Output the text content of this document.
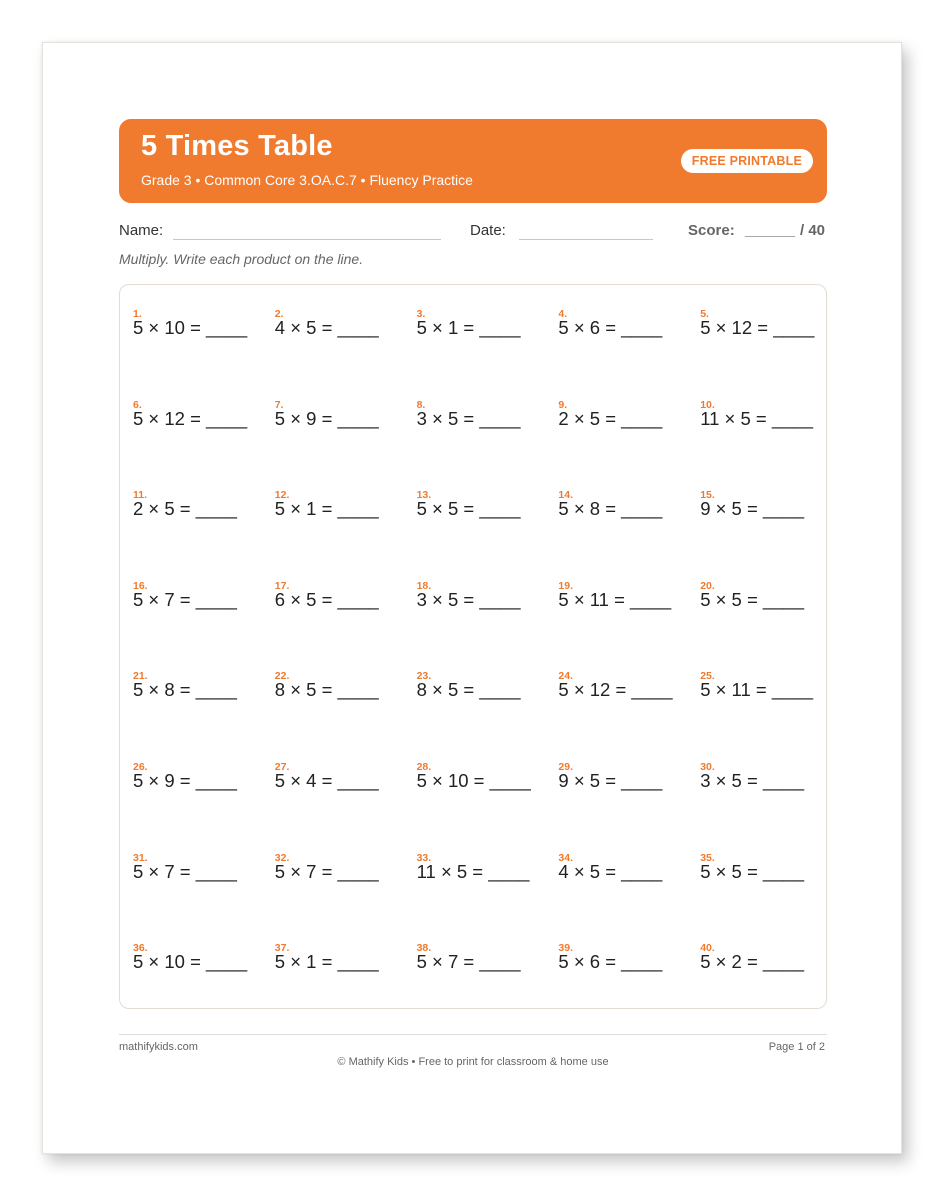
5 Times Table
Grade 3 • Common Core 3.OA.C.7 • Fluency Practice
FREE PRINTABLE
Name:	Date:	Score: ______ / 40
Multiply. Write each product on the line.
1.
5 × 10 = ____
2.
4 × 5 = ____
3.
5 × 1 = ____
4.
5 × 6 = ____
5.
5 × 12 = ____
6.
5 × 12 = ____
7.
5 × 9 = ____
8.
3 × 5 = ____
9.
2 × 5 = ____
10.
11 × 5 = ____
11.
2 × 5 = ____
12.
5 × 1 = ____
13.
5 × 5 = ____
14.
5 × 8 = ____
15.
9 × 5 = ____
16.
5 × 7 = ____
17.
6 × 5 = ____
18.
3 × 5 = ____
19.
5 × 11 = ____
20.
5 × 5 = ____
21.
5 × 8 = ____
22.
8 × 5 = ____
23.
8 × 5 = ____
24.
5 × 12 = ____
25.
5 × 11 = ____
26.
5 × 9 = ____
27.
5 × 4 = ____
28.
5 × 10 = ____
29.
9 × 5 = ____
30.
3 × 5 = ____
31.
5 × 7 = ____
32.
5 × 7 = ____
33.
11 × 5 = ____
34.
4 × 5 = ____
35.
5 × 5 = ____
36.
5 × 10 = ____
37.
5 × 1 = ____
38.
5 × 7 = ____
39.
5 × 6 = ____
40.
5 × 2 = ____
mathifykids.com	Page 1 of 2
© Mathify Kids • Free to print for classroom & home use
